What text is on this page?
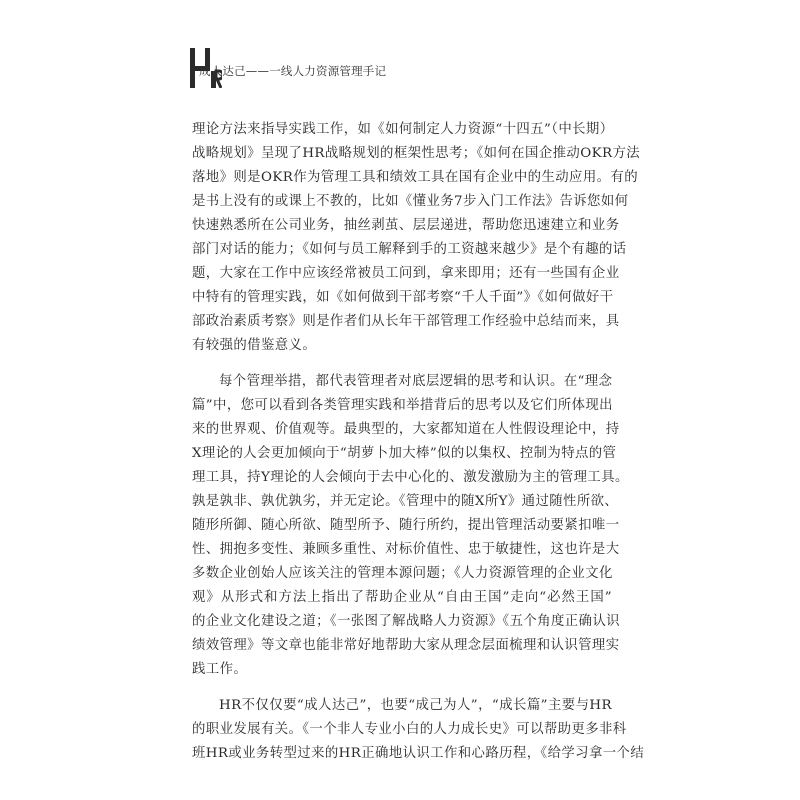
成人达己——一线人力资源管理手记
理论方法来指导实践工作，如《如何制定人力资源“十四五”（中长期）
战略规划》呈现了HR战略规划的框架性思考；《如何在国企推动OKR方法
落地》则是OKR作为管理工具和绩效工具在国有企业中的生动应用。有的
是书上没有的或课上不教的，比如《懂业务7步入门工作法》告诉您如何
快速熟悉所在公司业务，抽丝剥茧、层层递进，帮助您迅速建立和业务
部门对话的能力；《如何与员工解释到手的工资越来越少》是个有趣的话
题，大家在工作中应该经常被员工问到，拿来即用；还有一些国有企业
中特有的管理实践，如《如何做到干部考察“千人千面”》《如何做好干
部政治素质考察》则是作者们从长年干部管理工作经验中总结而来，具
有较强的借鉴意义。
每个管理举措，都代表管理者对底层逻辑的思考和认识。在“理念
篇”中，您可以看到各类管理实践和举措背后的思考以及它们所体现出
来的世界观、价值观等。最典型的，大家都知道在人性假设理论中，持
X理论的人会更加倾向于“胡萝卜加大棒”似的以集权、控制为特点的管
理工具，持Y理论的人会倾向于去中心化的、激发激励为主的管理工具。
孰是孰非、孰优孰劣，并无定论。《管理中的随X所Y》通过随性所欲、
随形所御、随心所欲、随型所予、随行所约，提出管理活动要紧扣唯一
性、拥抱多变性、兼顾多重性、对标价值性、忠于敏捷性，这也许是大
多数企业创始人应该关注的管理本源问题；《人力资源管理的企业文化
观》从形式和方法上指出了帮助企业从“自由王国”走向“必然王国”
的企业文化建设之道；《一张图了解战略人力资源》《五个角度正确认识
绩效管理》等文章也能非常好地帮助大家从理念层面梳理和认识管理实
践工作。
HR不仅仅要“成人达己”，也要“成己为人”，“成长篇”主要与HR
的职业发展有关。《一个非人专业小白的人力成长史》可以帮助更多非科
班HR或业务转型过来的HR正确地认识工作和心路历程，《给学习拿一个结
